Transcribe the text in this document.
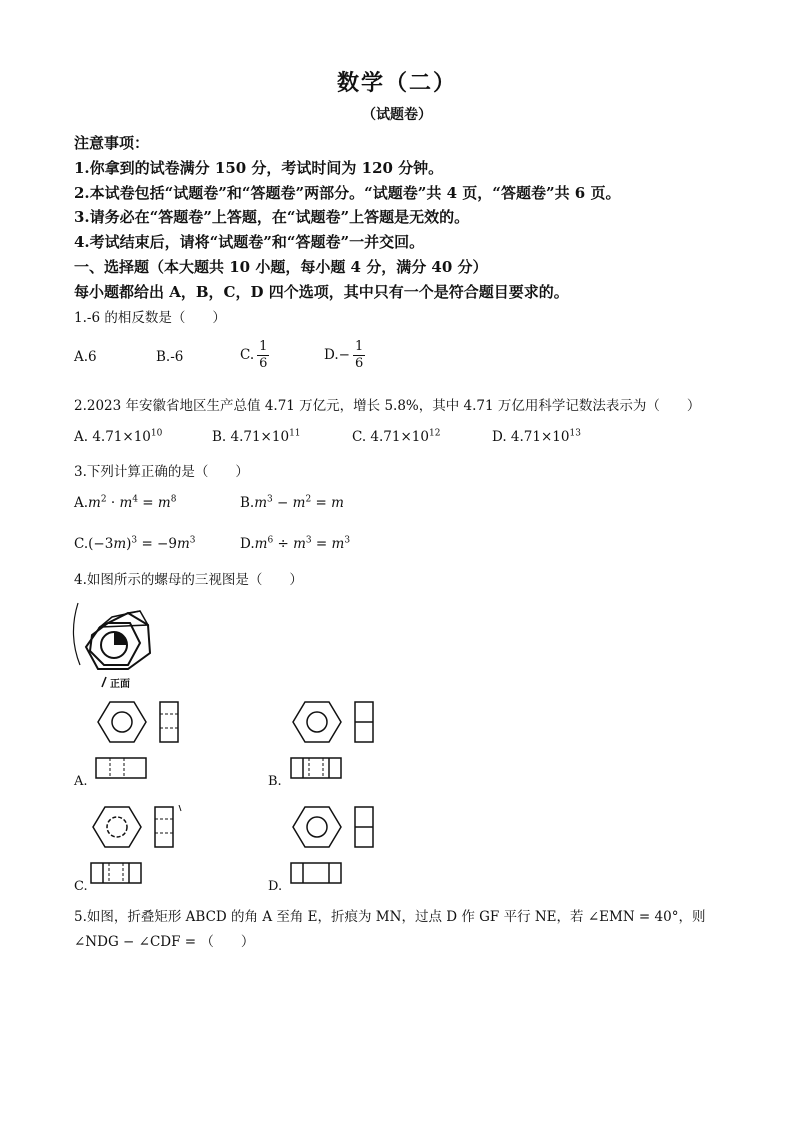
数学（二）
（试题卷）
注意事项：
1.你拿到的试卷满分 150 分，考试时间为 120 分钟。
2.本试卷包括“试题卷”和“答题卷”两部分。“试题卷”共 4 页，“答题卷”共 6 页。
3.请务必在“答题卷”上答题，在“试题卷”上答题是无效的。
4.考试结束后，请将“试题卷”和“答题卷”一并交回。
一、选择题（本大题共 10 小题，每小题 4 分，满分 40 分）
每小题都给出 A，B，C，D 四个选项，其中只有一个是符合题目要求的。
1.-6 的相反数是（　　）
A.6	B.-6	C. $\frac{1}{6}$	$D.- \frac{1}{6}$
2.2023 年安徽省地区生产总值 4.71 万亿元，增长 5.8%，其中 4.71 万亿用科学记数法表示为（　　）
A. $4.71\times 10^{10}$	B. $4.71\times 10^{11}$	C. $4.71\times 10^{12}$	D. $4.71\times 10^{13}$
3.下列计算正确的是（　　）
$A.m^2 \cdot m^4 = m^8$	$B.m^3 - m^2 = m$
$C.(-3m)^3 = -9m^3$	$D.m^6 \div m^3 = m^3$
4.如图所示的螺母的三视图是（　　）
正面
A.	B.
C.	D.
5.如图，折叠矩形 ABCD 的角 A 至角 E，折痕为 MN，过点 D 作 GF 平行 NE，若 ∠EMN = 40°，则
∠NDG − ∠CDF = （　　）
